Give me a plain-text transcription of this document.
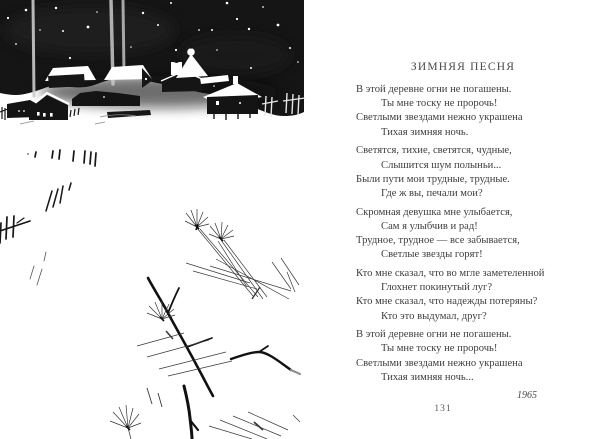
ЗИМНЯЯ ПЕСНЯ
В этой деревне огни не погашены.
Ты мне тоску не пророчь!
Светлыми звездами нежно украшена
Тихая зимняя ночь.
Светятся, тихие, светятся, чудные,
Слышится шум полыньи...
Были пути мои трудные, трудные.
Где ж вы, печали мои?
Скромная девушка мне улыбается,
Сам я улыбчив и рад!
Трудное, трудное — все забывается,
Светлые звезды горят!
Кто мне сказал, что во мгле заметеленной
Глохнет покинутый луг?
Кто мне сказал, что надежды потеряны?
Кто это выдумал, друг?
В этой деревне огни не погашены.
Ты мне тоску не пророчь!
Светлыми звездами нежно украшена
Тихая зимняя ночь...
1965
131
